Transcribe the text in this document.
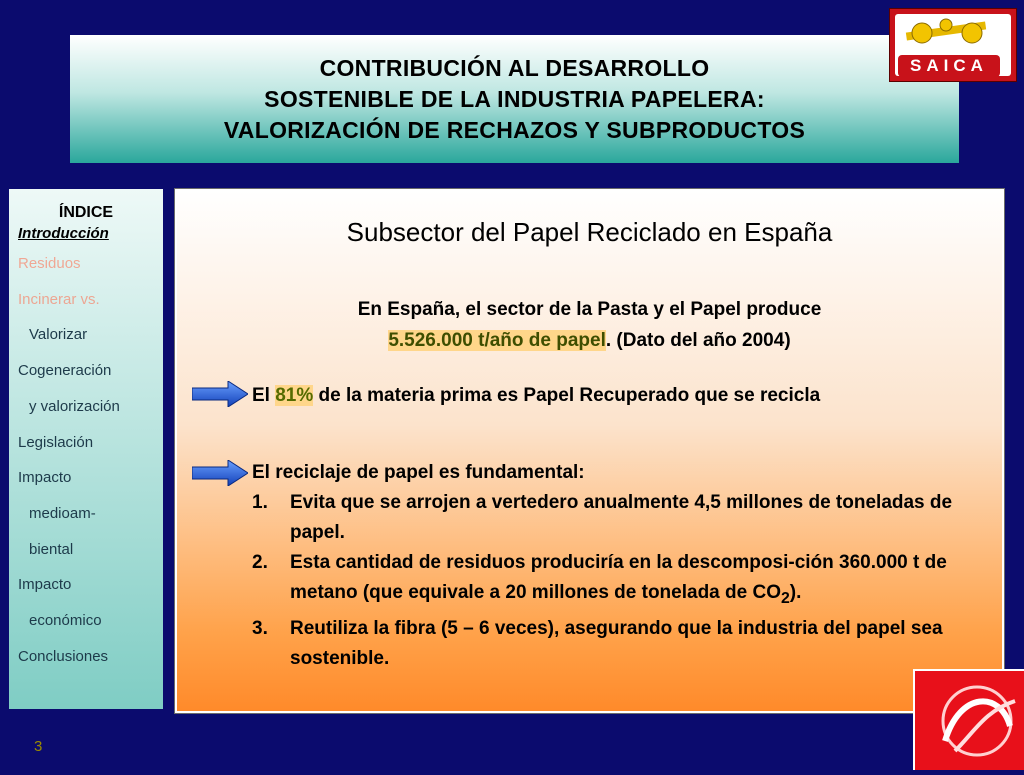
CONTRIBUCIÓN AL DESARROLLO
SOSTENIBLE DE LA INDUSTRIA PAPELERA:
VALORIZACIÓN DE RECHAZOS Y SUBPRODUCTOS
SAICA
ÍNDICE
Introducción
Residuos
Incinerar vs.
Valorizar
Cogeneración
y valorización
Legislación
Impacto
medioam-
biental
Impacto
económico
Conclusiones
Subsector del Papel Reciclado en España
En España, el sector de la Pasta y el Papel produce
5.526.000 t/año de papel. (Dato del año 2004)
El 81% de la materia prima es Papel Recuperado que se recicla
El reciclaje de papel es fundamental:
1. Evita que se arrojen a vertedero anualmente 4,5 millones de toneladas de papel.
2. Esta cantidad de residuos produciría en la descomposi-ción 360.000 t de metano (que equivale a 20 millones de tonelada de $CO_2$).
3. Reutiliza la fibra (5 – 6 veces), asegurando que la industria del papel sea sostenible.
3
